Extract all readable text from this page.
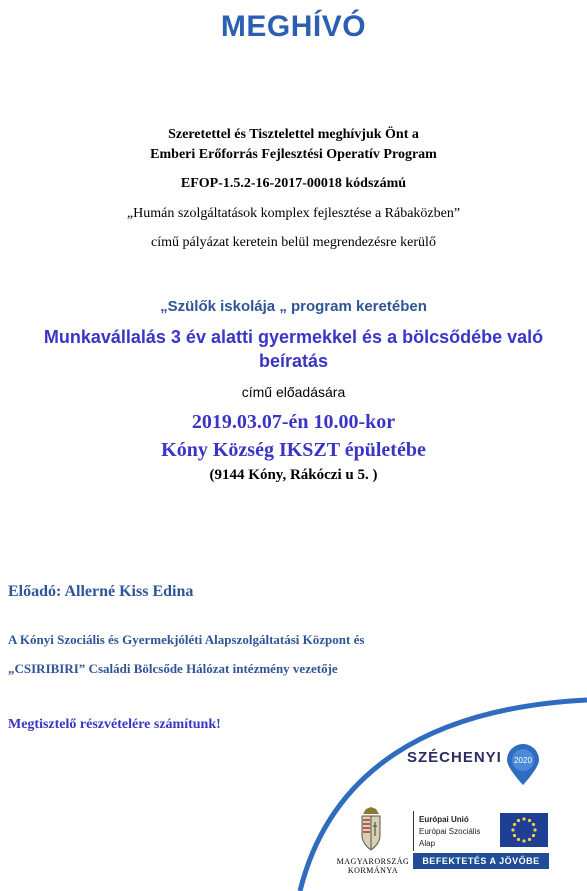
MEGHÍVÓ
Szeretettel és Tisztelettel meghívjuk Önt a
Emberi Erőforrás Fejlesztési Operatív Program
EFOP-1.5.2-16-2017-00018 kódszámú
„Humán szolgáltatások komplex fejlesztése a Rábaközben”
című pályázat keretein belül megrendezésre kerülő
„Szülők iskolája „ program keretében
Munkavállalás 3 év alatti gyermekkel és a bölcsődébe való beíratás
című előadására
2019.03.07-én 10.00-kor
Kóny Község IKSZT épületébe
(9144 Kóny, Rákóczi u 5. )
Előadó: Allerné Kiss Edina
A Kónyi Szociális és Gyermekjóléti Alapszolgáltatási Központ és
„CSIRIBIRI” Családi Bölcsőde Hálózat intézmény vezetője
Megtisztelő részvételére számítunk!
SZÉCHENYI 2020
MAGYARORSZÁG
KORMÁNYA
Európai Unió
Európai Szociális
Alap
BEFEKTETÉS A JÖVŐBE
